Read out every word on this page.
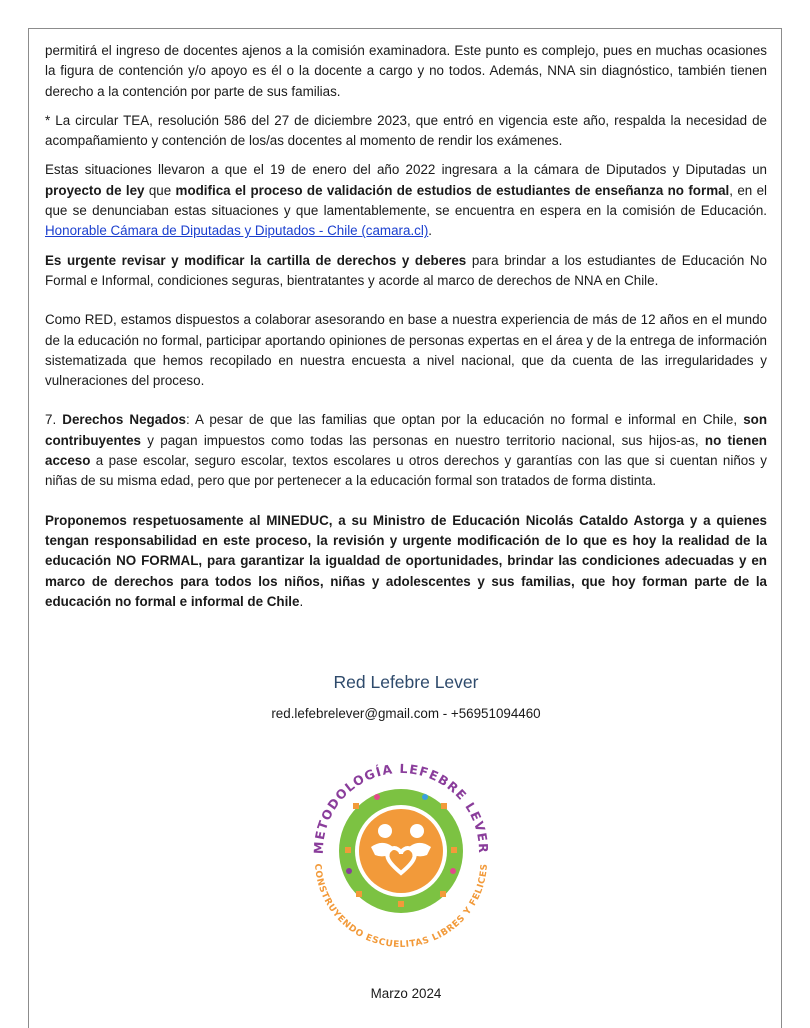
permitirá el ingreso de docentes ajenos a la comisión examinadora. Este punto es complejo, pues en muchas ocasiones la figura de contención y/o apoyo es él o la docente a cargo y no todos. Además, NNA sin diagnóstico, también tienen derecho a la contención por parte de sus familias.

* La circular TEA, resolución 586 del 27 de diciembre 2023, que entró en vigencia este año, respalda la necesidad de acompañamiento y contención de los/as docentes al momento de rendir los exámenes.

Estas situaciones llevaron a que el 19 de enero del año 2022 ingresara a la cámara de Diputados y Diputadas un proyecto de ley que modifica el proceso de validación de estudios de estudiantes de enseñanza no formal, en el que se denunciaban estas situaciones y que lamentablemente, se encuentra en espera en la comisión de Educación. Honorable Cámara de Diputadas y Diputados - Chile (camara.cl).

Es urgente revisar y modificar la cartilla de derechos y deberes para brindar a los estudiantes de Educación No Formal e Informal, condiciones seguras, bientratantes y acorde al marco de derechos de NNA en Chile.

Como RED, estamos dispuestos a colaborar asesorando en base a nuestra experiencia de más de 12 años en el mundo de la educación no formal, participar aportando opiniones de personas expertas en el área y de la entrega de información sistematizada que hemos recopilado en nuestra encuesta a nivel nacional, que da cuenta de las irregularidades y vulneraciones del proceso.

7. Derechos Negados: A pesar de que las familias que optan por la educación no formal e informal en Chile, son contribuyentes y pagan impuestos como todas las personas en nuestro territorio nacional, sus hijos-as, no tienen acceso a pase escolar, seguro escolar, textos escolares u otros derechos y garantías con las que si cuentan niños y niñas de su misma edad, pero que por pertenecer a la educación formal son tratados de forma distinta.

Proponemos respetuosamente al MINEDUC, a su Ministro de Educación Nicolás Cataldo Astorga y a quienes tengan responsabilidad en este proceso, la revisión y urgente modificación de lo que es hoy la realidad de la educación NO FORMAL, para garantizar la igualdad de oportunidades, brindar las condiciones adecuadas y en marco de derechos para todos los niños, niñas y adolescentes y sus familias, que hoy forman parte de la educación no formal e informal de Chile.

Red Lefebre Lever
red.lefebrelever@gmail.com - +56951094460
METODOLOGÍA LEFEBRE LEVER
CONSTRUYENDO ESCUELITAS LIBRES Y FELICES
Marzo 2024
